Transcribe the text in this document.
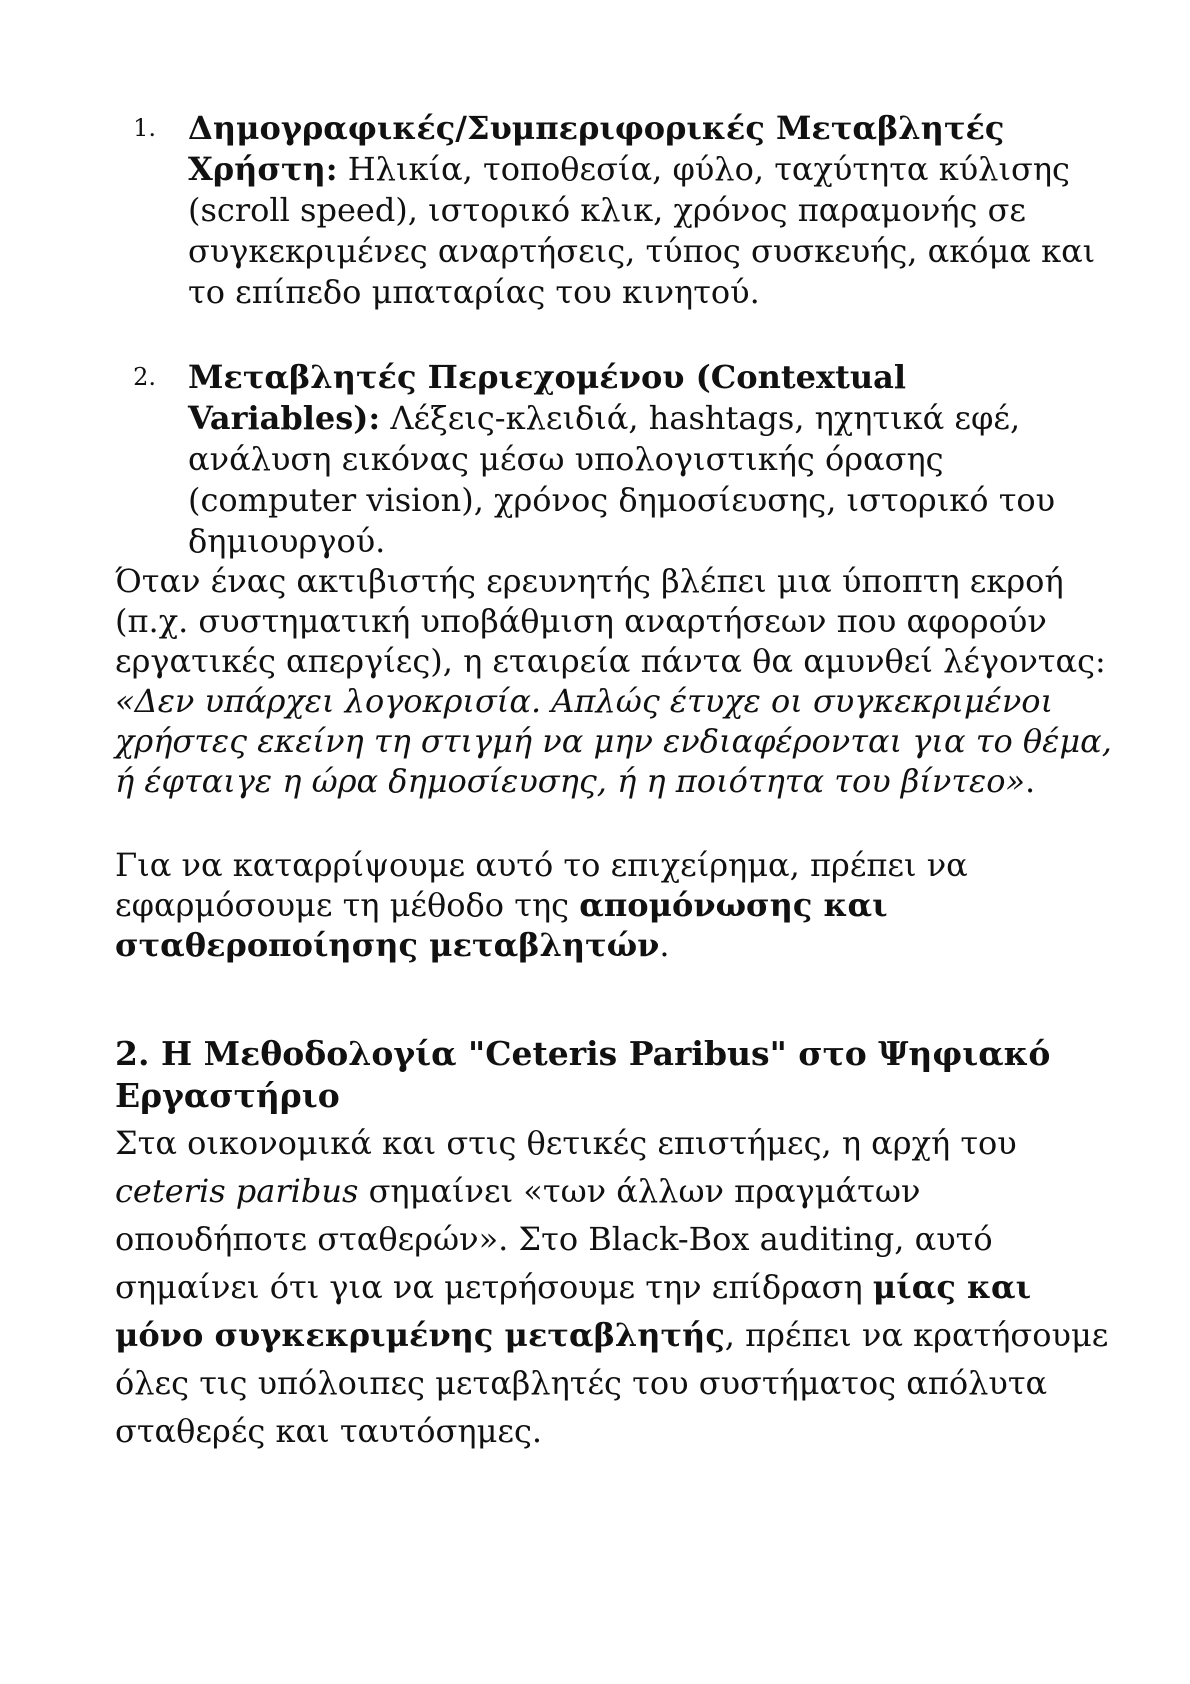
1.	Δημογραφικές/Συμπεριφορικές Μεταβλητές Χρήστη: Ηλικία, τοποθεσία, φύλο, ταχύτητα κύλισης (scroll speed), ιστορικό κλικ, χρόνος παραμονής σε συγκεκριμένες αναρτήσεις, τύπος συσκευής, ακόμα και το επίπεδο μπαταρίας του κινητού.
2.	Μεταβλητές Περιεχομένου (Contextual Variables): Λέξεις-κλειδιά, hashtags, ηχητικά εφέ, ανάλυση εικόνας μέσω υπολογιστικής όρασης (computer vision), χρόνος δημοσίευσης, ιστορικό του δημιουργού.
Όταν ένας ακτιβιστής ερευνητής βλέπει μια ύποπτη εκροή (π.χ. συστηματική υποβάθμιση αναρτήσεων που αφορούν εργατικές απεργίες), η εταιρεία πάντα θα αμυνθεί λέγοντας: «Δεν υπάρχει λογοκρισία. Απλώς έτυχε οι συγκεκριμένοι χρήστες εκείνη τη στιγμή να μην ενδιαφέρονται για το θέμα, ή έφταιγε η ώρα δημοσίευσης, ή η ποιότητα του βίντεο».
Για να καταρρίψουμε αυτό το επιχείρημα, πρέπει να εφαρμόσουμε τη μέθοδο της απομόνωσης και σταθεροποίησης μεταβλητών.
2. Η Μεθοδολογία "Ceteris Paribus" στο Ψηφιακό Εργαστήριο
Στα οικονομικά και στις θετικές επιστήμες, η αρχή του ceteris paribus σημαίνει «των άλλων πραγμάτων οπουδήποτε σταθερών». Στο Black-Box auditing, αυτό σημαίνει ότι για να μετρήσουμε την επίδραση μίας και μόνο συγκεκριμένης μεταβλητής, πρέπει να κρατήσουμε όλες τις υπόλοιπες μεταβλητές του συστήματος απόλυτα σταθερές και ταυτόσημες.
